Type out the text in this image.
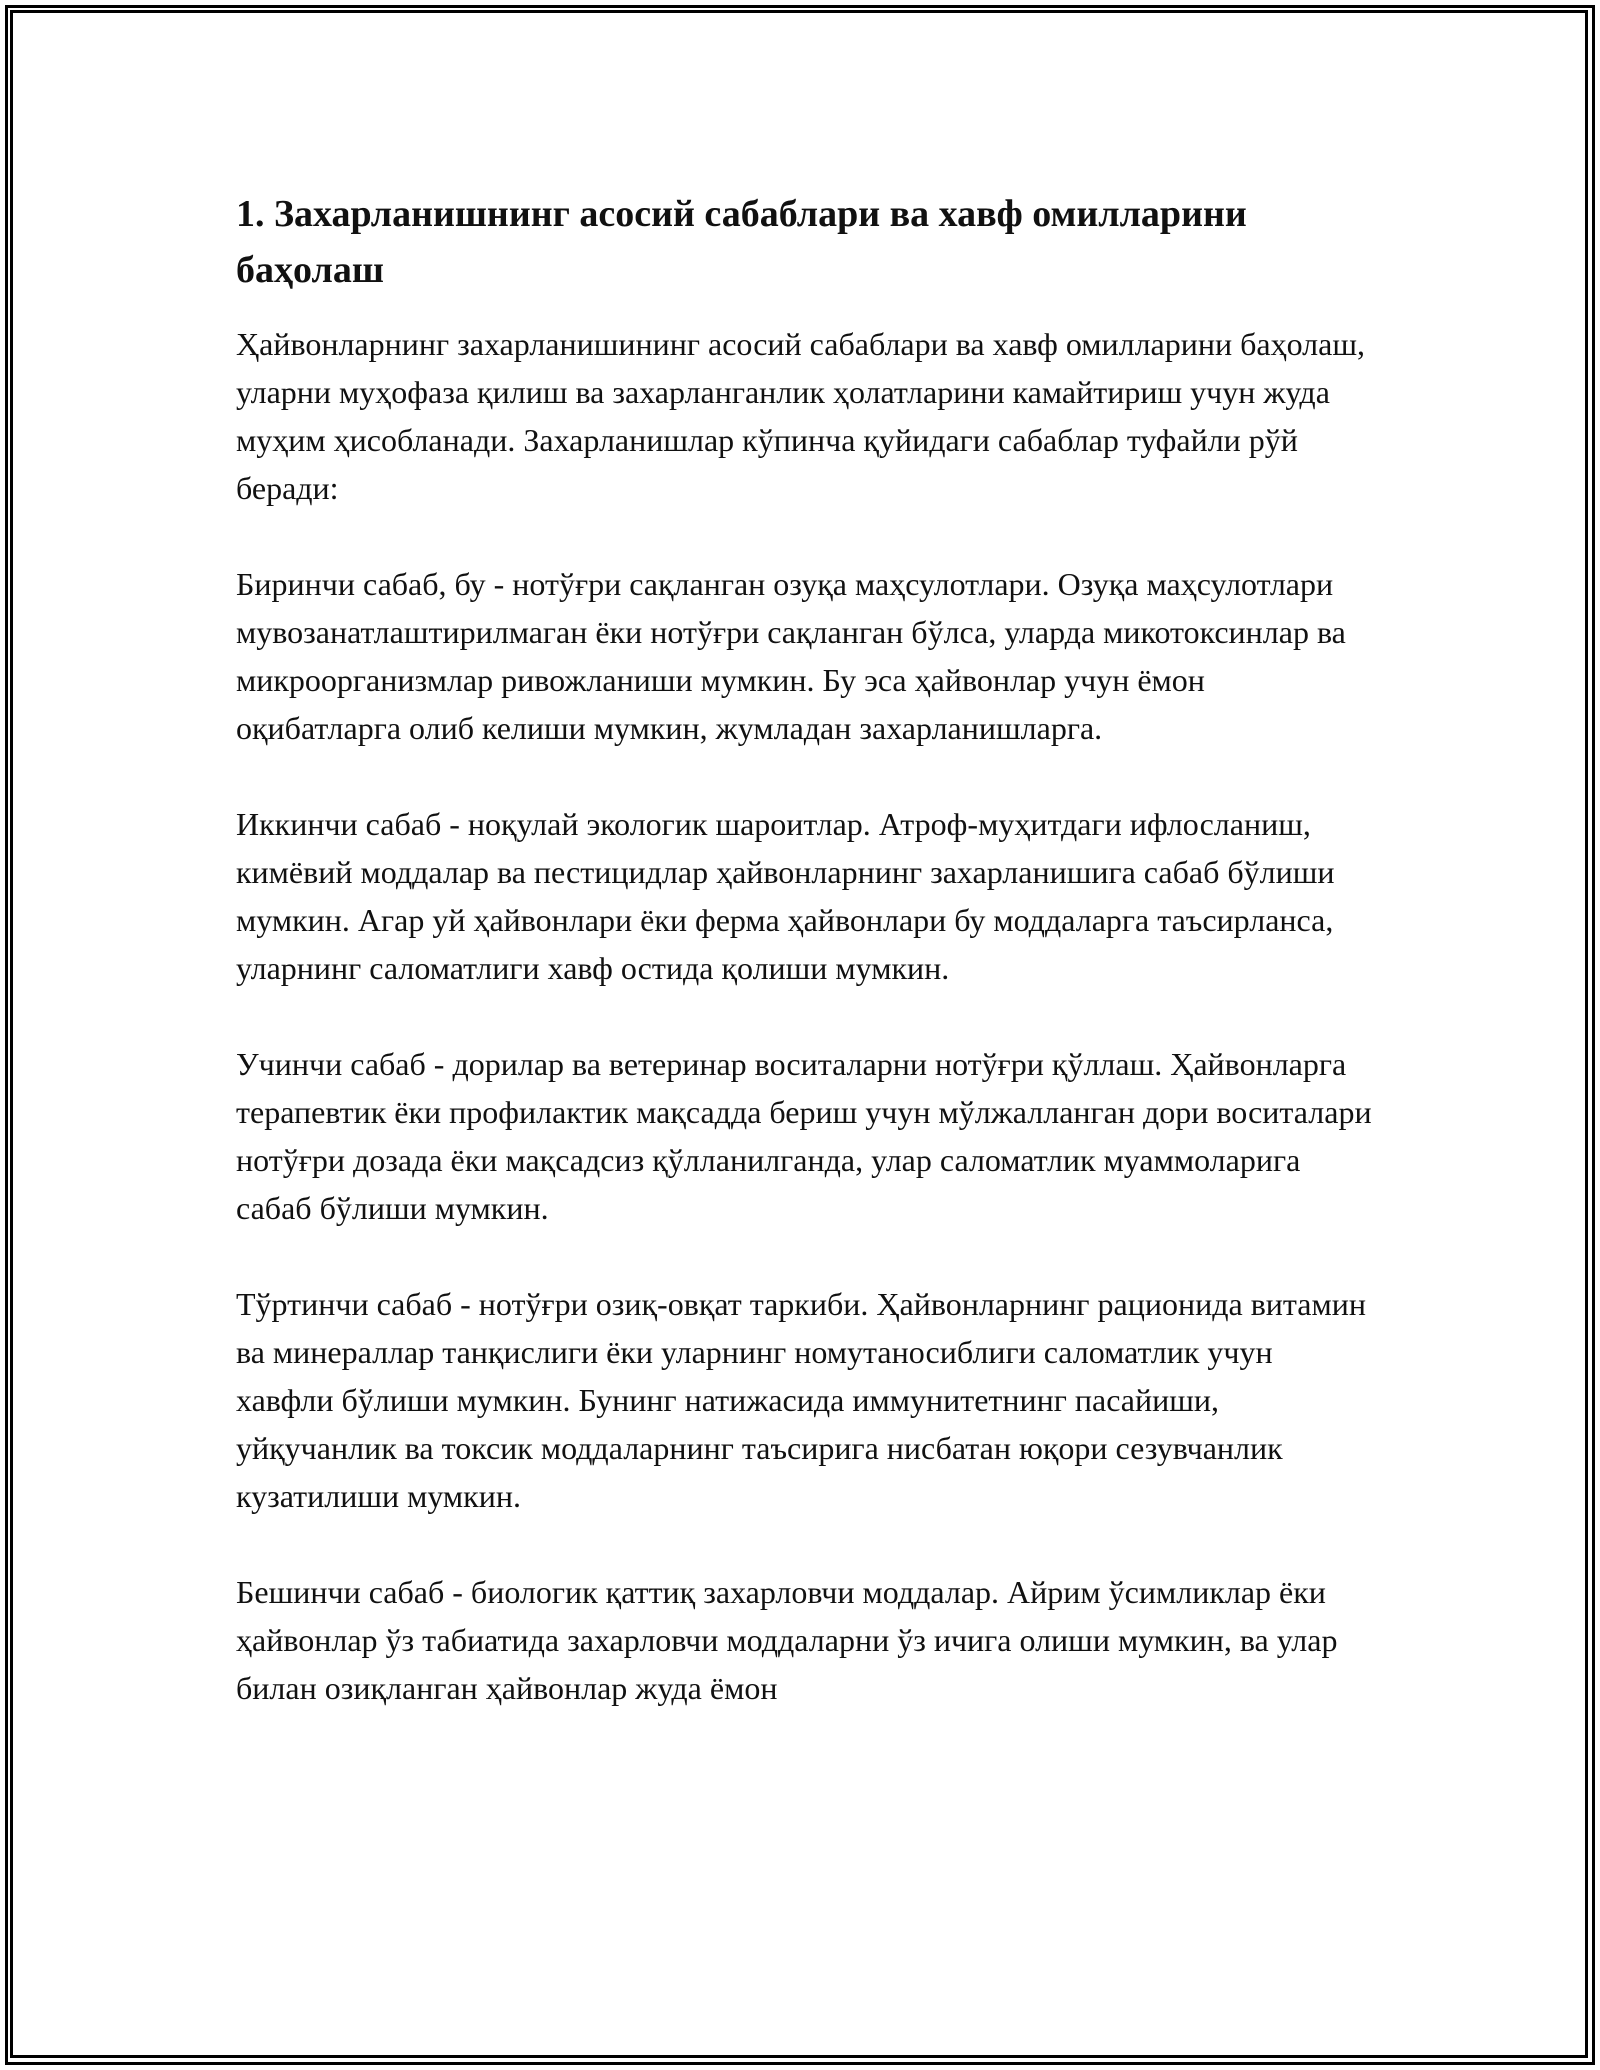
1. Захарланишнинг асосий сабаблари ва хавф омилларини баҳолаш

Ҳайвонларнинг захарланишининг асосий сабаблари ва хавф омилларини баҳолаш, уларни муҳофаза қилиш ва захарланганлик ҳолатларини камайтириш учун жуда муҳим ҳисобланади. Захарланишлар кўпинча қуйидаги сабаблар туфайли рўй беради:

Биринчи сабаб, бу - нотўғри сақланган озуқа маҳсулотлари. Озуқа маҳсулотлари мувозанатлаштирилмаган ёки нотўғри сақланган бўлса, уларда микотоксинлар ва микроорганизмлар ривожланиши мумкин. Бу эса ҳайвонлар учун ёмон оқибатларга олиб келиши мумкин, жумладан захарланишларга.

Иккинчи сабаб - ноқулай экологик шароитлар. Атроф-муҳитдаги ифлосланиш, кимёвий моддалар ва пестицидлар ҳайвонларнинг захарланишига сабаб бўлиши мумкин. Агар уй ҳайвонлари ёки ферма ҳайвонлари бу моддаларга таъсирланса, уларнинг саломатлиги хавф остида қолиши мумкин.

Учинчи сабаб - дорилар ва ветеринар воситаларни нотўғри қўллаш. Ҳайвонларга терапевтик ёки профилактик мақсадда бериш учун мўлжалланган дори воситалари нотўғри дозада ёки мақсадсиз қўлланилганда, улар саломатлик муаммоларига сабаб бўлиши мумкин.

Тўртинчи сабаб - нотўғри озиқ-овқат таркиби. Ҳайвонларнинг рационида витамин ва минераллар танқислиги ёки уларнинг номутаносиблиги саломатлик учун хавфли бўлиши мумкин. Бунинг натижасида иммунитетнинг пасайиши, уйқучанлик ва токсик моддаларнинг таъсирига нисбатан юқори сезувчанлик кузатилиши мумкин.

Бешинчи сабаб - биологик қаттиқ захарловчи моддалар. Айрим ўсимликлар ёки ҳайвонлар ўз табиатида захарловчи моддаларни ўз ичига олиши мумкин, ва улар билан озиқланган ҳайвонлар жуда ёмон
